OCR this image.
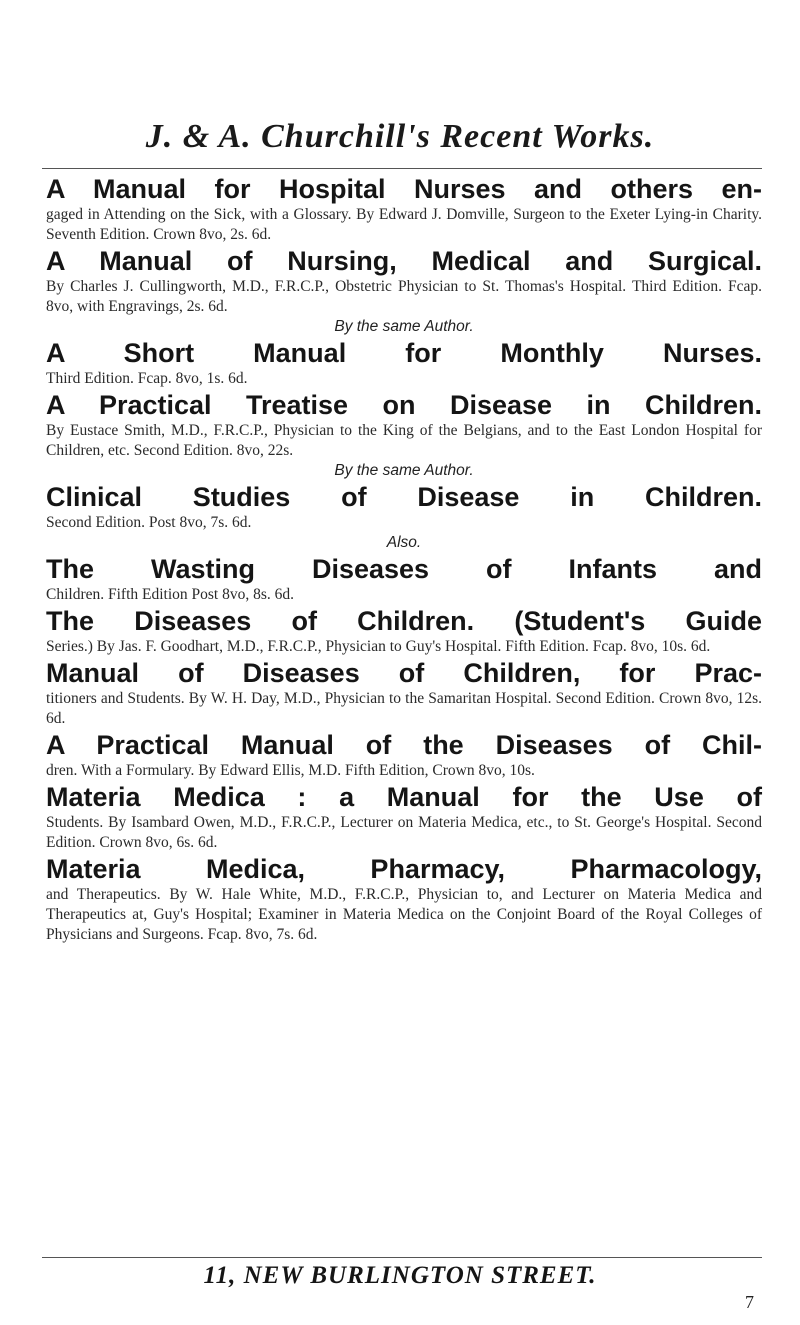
J. & A. Churchill's Recent Works.
A Manual for Hospital Nurses and others en-
gaged in Attending on the Sick, with a Glossary. By Edward J. Domville, Surgeon to the Exeter Lying-in Charity. Seventh Edition. Crown 8vo, 2s. 6d.
A Manual of Nursing, Medical and Surgical.
By Charles J. Cullingworth, M.D., F.R.C.P., Obstetric Physician to St. Thomas's Hospital. Third Edition. Fcap. 8vo, with Engravings, 2s. 6d.
By the same Author.
A Short Manual for Monthly Nurses.
Third Edition. Fcap. 8vo, 1s. 6d.
A Practical Treatise on Disease in Children.
By Eustace Smith, M.D., F.R.C.P., Physician to the King of the Belgians, and to the East London Hospital for Children, etc. Second Edition. 8vo, 22s.
By the same Author.
Clinical Studies of Disease in Children.
Second Edition. Post 8vo, 7s. 6d.
Also.
The Wasting Diseases of Infants and
Children. Fifth Edition Post 8vo, 8s. 6d.
The Diseases of Children. (Student's Guide
Series.) By Jas. F. Goodhart, M.D., F.R.C.P., Physician to Guy's Hospital. Fifth Edition. Fcap. 8vo, 10s. 6d.
Manual of Diseases of Children, for Prac-
titioners and Students. By W. H. Day, M.D., Physician to the Samaritan Hospital. Second Edition. Crown 8vo, 12s. 6d.
A Practical Manual of the Diseases of Chil-
dren. With a Formulary. By Edward Ellis, M.D. Fifth Edition, Crown 8vo, 10s.
Materia Medica : a Manual for the Use of
Students. By Isambard Owen, M.D., F.R.C.P., Lecturer on Materia Medica, etc., to St. George's Hospital. Second Edition. Crown 8vo, 6s. 6d.
Materia Medica, Pharmacy, Pharmacology,
and Therapeutics. By W. Hale White, M.D., F.R.C.P., Physician to, and Lecturer on Materia Medica and Therapeutics at, Guy's Hospital; Examiner in Materia Medica on the Conjoint Board of the Royal Colleges of Physicians and Surgeons. Fcap. 8vo, 7s. 6d.
11, NEW BURLINGTON STREET.
7
